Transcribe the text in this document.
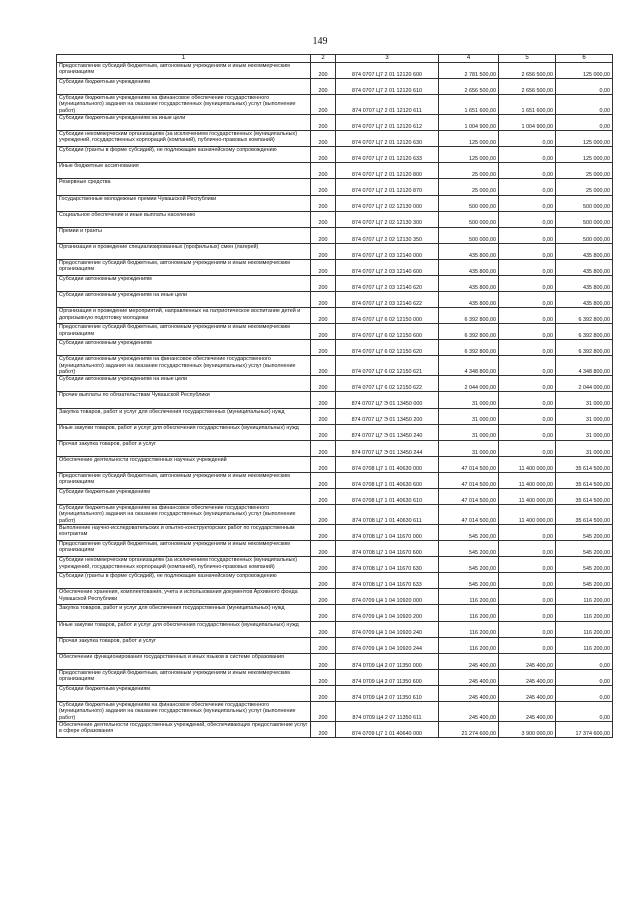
149
1	2	3	4	5	6
Предоставление субсидий бюджетным, автономным учреждениям и иным некоммерческим организациям	200	874 0707 Ц7 2 01 12120 600	2 781 500,00	2 656 500,00	125 000,00
Субсидии бюджетным учреждениям	200	874 0707 Ц7 2 01 12120 610	2 656 500,00	2 656 500,00	0,00
Субсидии бюджетным учреждениям на финансовое обеспечение государственного (муниципального) задания на оказание государственных (муниципальных) услуг (выполнение работ)	200	874 0707 Ц7 2 01 12120 611	1 651 600,00	1 651 600,00	0,00
Субсидии бюджетным учреждениям на иные цели	200	874 0707 Ц7 2 01 12120 612	1 004 900,00	1 004 900,00	0,00
Субсидии некоммерческим организациям (за исключением государственных (муниципальных) учреждений, государственных корпораций (компаний), публично-правовых компаний)	200	874 0707 Ц7 2 01 12120 630	125 000,00	0,00	125 000,00
Субсидии (гранты в форме субсидий), не подлежащие казначейскому сопровождению	200	874 0707 Ц7 2 01 12120 633	125 000,00	0,00	125 000,00
Иные бюджетные ассигнования	200	874 0707 Ц7 2 01 12120 800	25 000,00	0,00	25 000,00
Резервные средства	200	874 0707 Ц7 2 01 12120 870	25 000,00	0,00	25 000,00
Государственные молодежные премии Чувашской Республики	200	874 0707 Ц7 2 02 12130 000	500 000,00	0,00	500 000,00
Социальное обеспечение и иные выплаты населению	200	874 0707 Ц7 2 02 12130 300	500 000,00	0,00	500 000,00
Премии и гранты	200	874 0707 Ц7 2 02 12130 350	500 000,00	0,00	500 000,00
Организация и проведение специализированных (профильных) смен (лагерей)	200	874 0707 Ц7 2 03 12140 000	435 800,00	0,00	435 800,00
Предоставление субсидий бюджетным, автономным учреждениям и иным некоммерческим организациям	200	874 0707 Ц7 2 03 12140 600	435 800,00	0,00	435 800,00
Субсидии автономным учреждениям	200	874 0707 Ц7 2 03 12140 620	435 800,00	0,00	435 800,00
Субсидии автономным учреждениям на иные цели	200	874 0707 Ц7 2 03 12140 622	435 800,00	0,00	435 800,00
Организация и проведение мероприятий, направленных на патриотическое воспитание детей и допризывную подготовку молодежи	200	874 0707 Ц7 6 02 12150 000	6 392 800,00	0,00	6 392 800,00
Предоставление субсидий бюджетным, автономным учреждениям и иным некоммерческим организациям	200	874 0707 Ц7 6 02 12150 600	6 392 800,00	0,00	6 392 800,00
Субсидии автономным учреждениям	200	874 0707 Ц7 6 02 12150 620	6 392 800,00	0,00	6 392 800,00
Субсидии автономным учреждениям на финансовое обеспечение государственного (муниципального) задания на оказание государственных (муниципальных) услуг (выполнение работ)	200	874 0707 Ц7 6 02 12150 621	4 348 800,00	0,00	4 348 800,00
Субсидии автономным учреждениям на иные цели	200	874 0707 Ц7 6 02 12150 622	2 044 000,00	0,00	2 044 000,00
Прочие выплаты по обязательствам Чувашской Республики	200	874 0707 Ц7 Э 01 13450 000	31 000,00	0,00	31 000,00
Закупка товаров, работ и услуг для обеспечения государственных (муниципальных) нужд	200	874 0707 Ц7 Э 01 13450 200	31 000,00	0,00	31 000,00
Иные закупки товаров, работ и услуг для обеспечения государственных (муниципальных) нужд	200	874 0707 Ц7 Э 01 13450 240	31 000,00	0,00	31 000,00
Прочая закупка товаров, работ и услуг	200	874 0707 Ц7 Э 01 13450 244	31 000,00	0,00	31 000,00
Обеспечение деятельности государственных научных учреждений	200	874 0708 Ц7 1 01 40630 000	47 014 500,00	11 400 000,00	35 614 500,00
Предоставление субсидий бюджетным, автономным учреждениям и иным некоммерческим организациям	200	874 0708 Ц7 1 01 40630 600	47 014 500,00	11 400 000,00	35 614 500,00
Субсидии бюджетным учреждениям	200	874 0708 Ц7 1 01 40630 610	47 014 500,00	11 400 000,00	35 614 500,00
Субсидии бюджетным учреждениям на финансовое обеспечение государственного (муниципального) задания на оказание государственных (муниципальных) услуг (выполнение работ)	200	874 0708 Ц7 1 01 40630 611	47 014 500,00	11 400 000,00	35 614 500,00
Выполнение научно-исследовательских и опытно-конструкторских работ по государственным контрактам	200	874 0708 Ц7 1 04 11670 000	545 200,00	0,00	545 200,00
Предоставление субсидий бюджетным, автономным учреждениям и иным некоммерческим организациям	200	874 0708 Ц7 1 04 11670 600	545 200,00	0,00	545 200,00
Субсидии некоммерческим организациям (за исключением государственных (муниципальных) учреждений, государственных корпораций (компаний), публично-правовых компаний)	200	874 0708 Ц7 1 04 11670 630	545 200,00	0,00	545 200,00
Субсидии (гранты в форме субсидий), не подлежащие казначейскому сопровождению	200	874 0708 Ц7 1 04 11670 633	545 200,00	0,00	545 200,00
Обеспечение хранения, комплектования, учета и использования документов Архивного фонда Чувашской Республики	200	874 0709 Ц4 1 04 10920 000	116 200,00	0,00	116 200,00
Закупка товаров, работ и услуг для обеспечения государственных (муниципальных) нужд	200	874 0709 Ц4 1 04 10920 200	116 200,00	0,00	116 200,00
Иные закупки товаров, работ и услуг для обеспечения государственных (муниципальных) нужд	200	874 0709 Ц4 1 04 10920 240	116 200,00	0,00	116 200,00
Прочая закупка товаров, работ и услуг	200	874 0709 Ц4 1 04 10920 244	116 200,00	0,00	116 200,00
Обеспечение функционирования государственных и иных языков в системе образования	200	874 0709 Ц4 2 07 11350 000	245 400,00	245 400,00	0,00
Предоставление субсидий бюджетным, автономным учреждениям и иным некоммерческим организациям	200	874 0709 Ц4 2 07 11350 600	245 400,00	245 400,00	0,00
Субсидии бюджетным учреждениям	200	874 0709 Ц4 2 07 11350 610	245 400,00	245 400,00	0,00
Субсидии бюджетным учреждениям на финансовое обеспечение государственного (муниципального) задания на оказание государственных (муниципальных) услуг (выполнение работ)	200	874 0709 Ц4 2 07 11350 611	245 400,00	245 400,00	0,00
Обеспечение деятельности государственных учреждений, обеспечивающих предоставление услуг в сфере образования	200	874 0709 Ц7 1 01 40640 000	21 274 600,00	3 900 000,00	17 374 600,00
